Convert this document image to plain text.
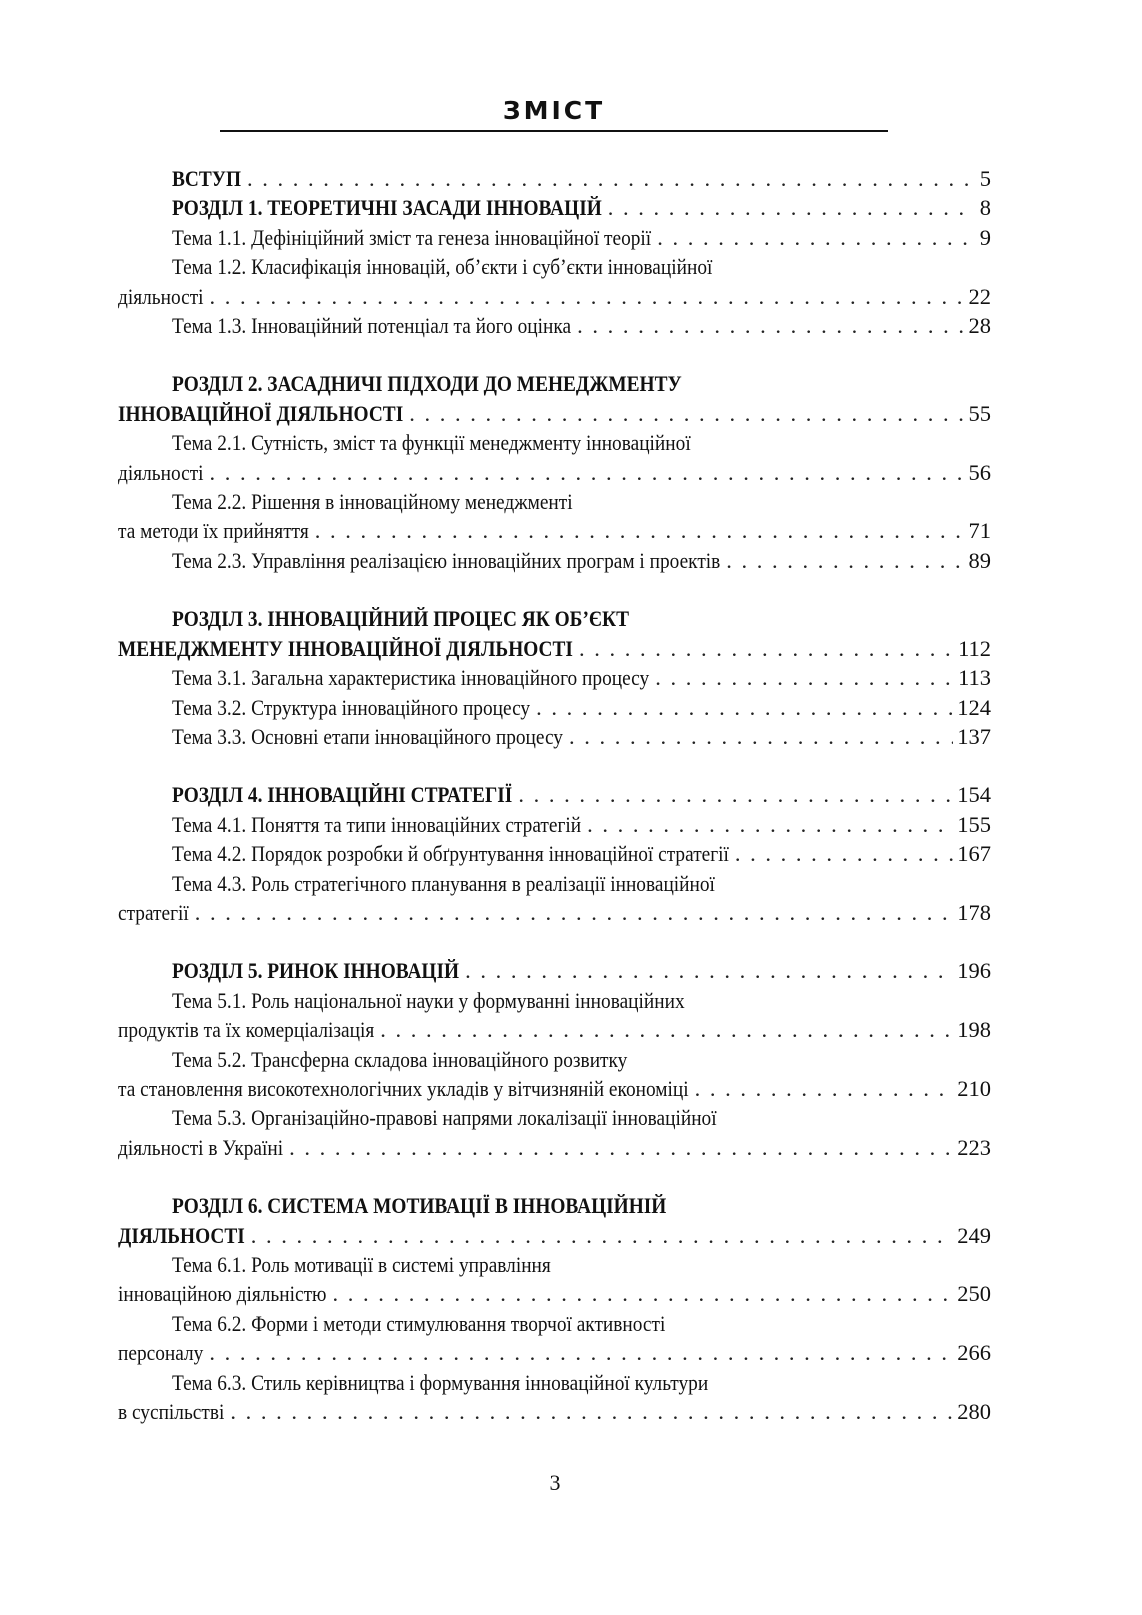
ЗМІСТ
ВСТУП . . .	5
РОЗДІЛ 1. ТЕОРЕТИЧНІ ЗАСАДИ ІННОВАЦІЙ . . .	8
Тема 1.1. Дефініційний зміст та генеза інноваційної теорії . . .	9
Тема 1.2. Класифікація інновацій, об’єкти і суб’єкти інноваційної
діяльності . . .	22
Тема 1.3. Інноваційний потенціал та його оцінка . . .	28
РОЗДІЛ 2. ЗАСАДНИЧІ ПІДХОДИ ДО МЕНЕДЖМЕНТУ
ІННОВАЦІЙНОЇ ДІЯЛЬНОСТІ . . .	55
Тема 2.1. Сутність, зміст та функції менеджменту інноваційної
діяльності . . .	56
Тема 2.2. Рішення в інноваційному менеджменті
та методи їх прийняття . . .	71
Тема 2.3. Управління реалізацією інноваційних програм і проектів . . .	89
РОЗДІЛ 3. ІННОВАЦІЙНИЙ ПРОЦЕС ЯК ОБ’ЄКТ
МЕНЕДЖМЕНТУ ІННОВАЦІЙНОЇ ДІЯЛЬНОСТІ . . .	112
Тема 3.1. Загальна характеристика інноваційного процесу . . .	113
Тема 3.2. Структура інноваційного процесу . . .	124
Тема 3.3. Основні етапи інноваційного процесу . . .	137
РОЗДІЛ 4. ІННОВАЦІЙНІ СТРАТЕГІЇ . . .	154
Тема 4.1. Поняття та типи інноваційних стратегій . . .	155
Тема 4.2. Порядок розробки й обґрунтування інноваційної стратегії . . .	167
Тема 4.3. Роль стратегічного планування в реалізації інноваційної
стратегії . . .	178
РОЗДІЛ 5. РИНОК ІННОВАЦІЙ . . .	196
Тема 5.1. Роль національної науки у формуванні інноваційних
продуктів та їх комерціалізація . . .	198
Тема 5.2. Трансферна складова інноваційного розвитку
та становлення високотехнологічних укладів у вітчизняній економіці . . .	210
Тема 5.3. Організаційно-правові напрями локалізації інноваційної
діяльності в Україні . . .	223
РОЗДІЛ 6. СИСТЕМА МОТИВАЦІЇ В ІННОВАЦІЙНІЙ
ДІЯЛЬНОСТІ . . .	249
Тема 6.1. Роль мотивації в системі управління
інноваційною діяльністю . . .	250
Тема 6.2. Форми і методи стимулювання творчої активності
персоналу . . .	266
Тема 6.3. Стиль керівництва і формування інноваційної культури
в суспільстві . . .	280
3
